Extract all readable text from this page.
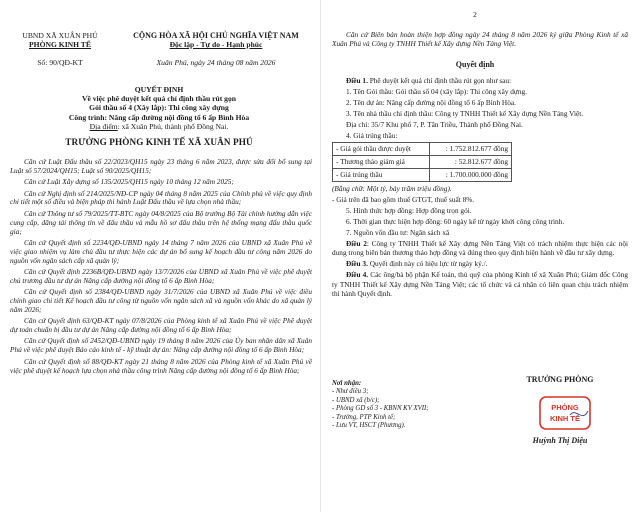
UBND XÃ XUÂN PHÚ
PHÒNG KINH TẾ
Số: 90/QĐ-KT
CỘNG HÒA XÃ HỘI CHỦ NGHĨA VIỆT NAM
Độc lập - Tự do - Hạnh phúc
Xuân Phú, ngày 24 tháng 08 năm 2026
QUYẾT ĐỊNH
Về việc phê duyệt kết quả chỉ định thầu rút gọn
Gói thầu số 4 (Xây lắp): Thi công xây dựng
Công trình: Nâng cấp đường nội đồng tổ 6 ấp Bình Hòa
Địa điểm: xã Xuân Phú, thành phố Đồng Nai.
TRƯỞNG PHÒNG KINH TẾ XÃ XUÂN PHÚ

Căn cứ Luật Đấu thầu số 22/2023/QH15 ngày 23 tháng 6 năm 2023, được sửa đổi bổ sung tại Luật số 57/2024/QH15; Luật số 90/2025/QH15;

Căn cứ Luật Xây dựng số 135/2025/QH15 ngày 10 tháng 12 năm 2025;

Căn cứ Nghị định số 214/2025/NĐ-CP ngày 04 tháng 8 năm 2025 của Chính phủ về việc quy định chi tiết một số điều và biện pháp thi hành Luật Đấu thầu về lựa chọn nhà thầu;

Căn cứ Thông tư số 79/2025/TT-BTC ngày 04/8/2025 của Bộ trưởng Bộ Tài chính hướng dẫn việc cung cấp, đăng tải thông tin về đấu thầu và mẫu hồ sơ đấu thầu trên hệ thống mạng đấu thầu quốc gia;

Căn cứ Quyết định số 2234/QĐ-UBND ngày 14 tháng 7 năm 2026 của UBND xã Xuân Phú về việc giao nhiệm vụ làm chủ đầu tư thực hiện các dự án bổ sung kế hoạch đầu tư công năm 2026 do nguồn vốn ngân sách cấp xã quản lý;

Căn cứ Quyết định 2236B/QĐ-UBND ngày 13/7/2026 của UBND xã Xuân Phú về việc phê duyệt chủ trương đầu tư dự án Nâng cấp đường nội đồng tổ 6 ấp Bình Hòa;

Căn cứ Quyết định số 2384/QĐ-UBND ngày 31/7/2026 của UBND xã Xuân Phú về việc điều chỉnh giao chi tiết Kế hoạch đầu tư công từ nguồn vốn ngân sách xã và nguồn vốn khác do xã quản lý năm 2026;

Căn cứ Quyết định 63/QĐ-KT ngày 07/8/2026 của Phòng kinh tế xã Xuân Phú về việc Phê duyệt dự toán chuẩn bị đầu tư dự án Nâng cấp đường nội đồng tổ 6 ấp Bình Hòa;

Căn cứ Quyết định số 2452/QĐ-UBND ngày 19 tháng 8 năm 2026 của Ủy ban nhân dân xã Xuân Phú về việc phê duyệt Báo cáo kinh tế - kỹ thuật dự án: Nâng cấp đường nội đồng tổ 6 ấp Bình Hòa;

Căn cứ Quyết định số 88/QĐ-KT ngày 21 tháng 8 năm 2026 của Phòng kinh tế xã Xuân Phú về việc phê duyệt kế hoạch lựa chọn nhà thầu công trình Nâng cấp đường nội đồng tổ 6 ấp Bình Hòa;

2

Căn cứ Biên bản hoàn thiện hợp đồng ngày 24 tháng 8 năm 2026 ký giữa Phòng Kinh tế xã Xuân Phú và Công ty TNHH Thiết kế Xây dựng Nền Tảng Việt.

Quyết định
Điều 1. Phê duyệt kết quả chỉ định thầu rút gọn như sau:
1. Tên Gói thầu: Gói thầu số 04 (xây lắp): Thi công xây dựng.
2. Tên dự án: Nâng cấp đường nội đồng tổ 6 ấp Bình Hòa.
3. Tên nhà thầu chỉ định thầu: Công ty TNHH Thiết kế Xây dựng Nền Tảng Việt.
Địa chỉ: 35/7 Khu phố 7, P. Tân Triều, Thành phố Đồng Nai.
4. Giá trúng thầu:
- Giá gói thầu được duyệt	: 1.752.812.677 đồng
- Thương thảo giảm giá	: 52.812.677 đồng
- Giá trúng thầu	: 1.700.000.000 đồng
(Bằng chữ: Một tỷ, bảy trăm triệu đồng).
- Giá trên đã bao gồm thuế GTGT, thuế suất 8%.
5. Hình thức hợp đồng: Hợp đồng trọn gói.
6. Thời gian thực hiện hợp đồng: 60 ngày kể từ ngày khởi công công trình.
7. Nguồn vốn đầu tư: Ngân sách xã
Điều 2: Công ty TNHH Thiết kế Xây dựng Nền Tảng Việt có trách nhiệm thực hiện các nội dung trong biên bản thương thảo hợp đồng và đúng theo quy định hiện hành về đầu tư xây dựng.
Điều 3. Quyết định này có hiệu lực từ ngày ký./.
Điều 4. Các ông/bà bộ phận Kế toán, thủ quỹ của phòng Kinh tế xã Xuân Phú; Giám đốc Công ty TNHH Thiết kế Xây dựng Nền Tảng Việt; các tổ chức và cá nhân có liên quan chịu trách nhiệm thi hành Quyết định.
Nơi nhận:
- Như điều 3;
- UBND xã (b/c);
- Phòng GD số 3 - KBNN KV XVII;
- Trưởng, PTP Kinh tế;
- Lưu VT, HSCT (Phương).
TRƯỞNG PHÒNG
PHÒNG
KINH TẾ
Huỳnh Thị Diệu
